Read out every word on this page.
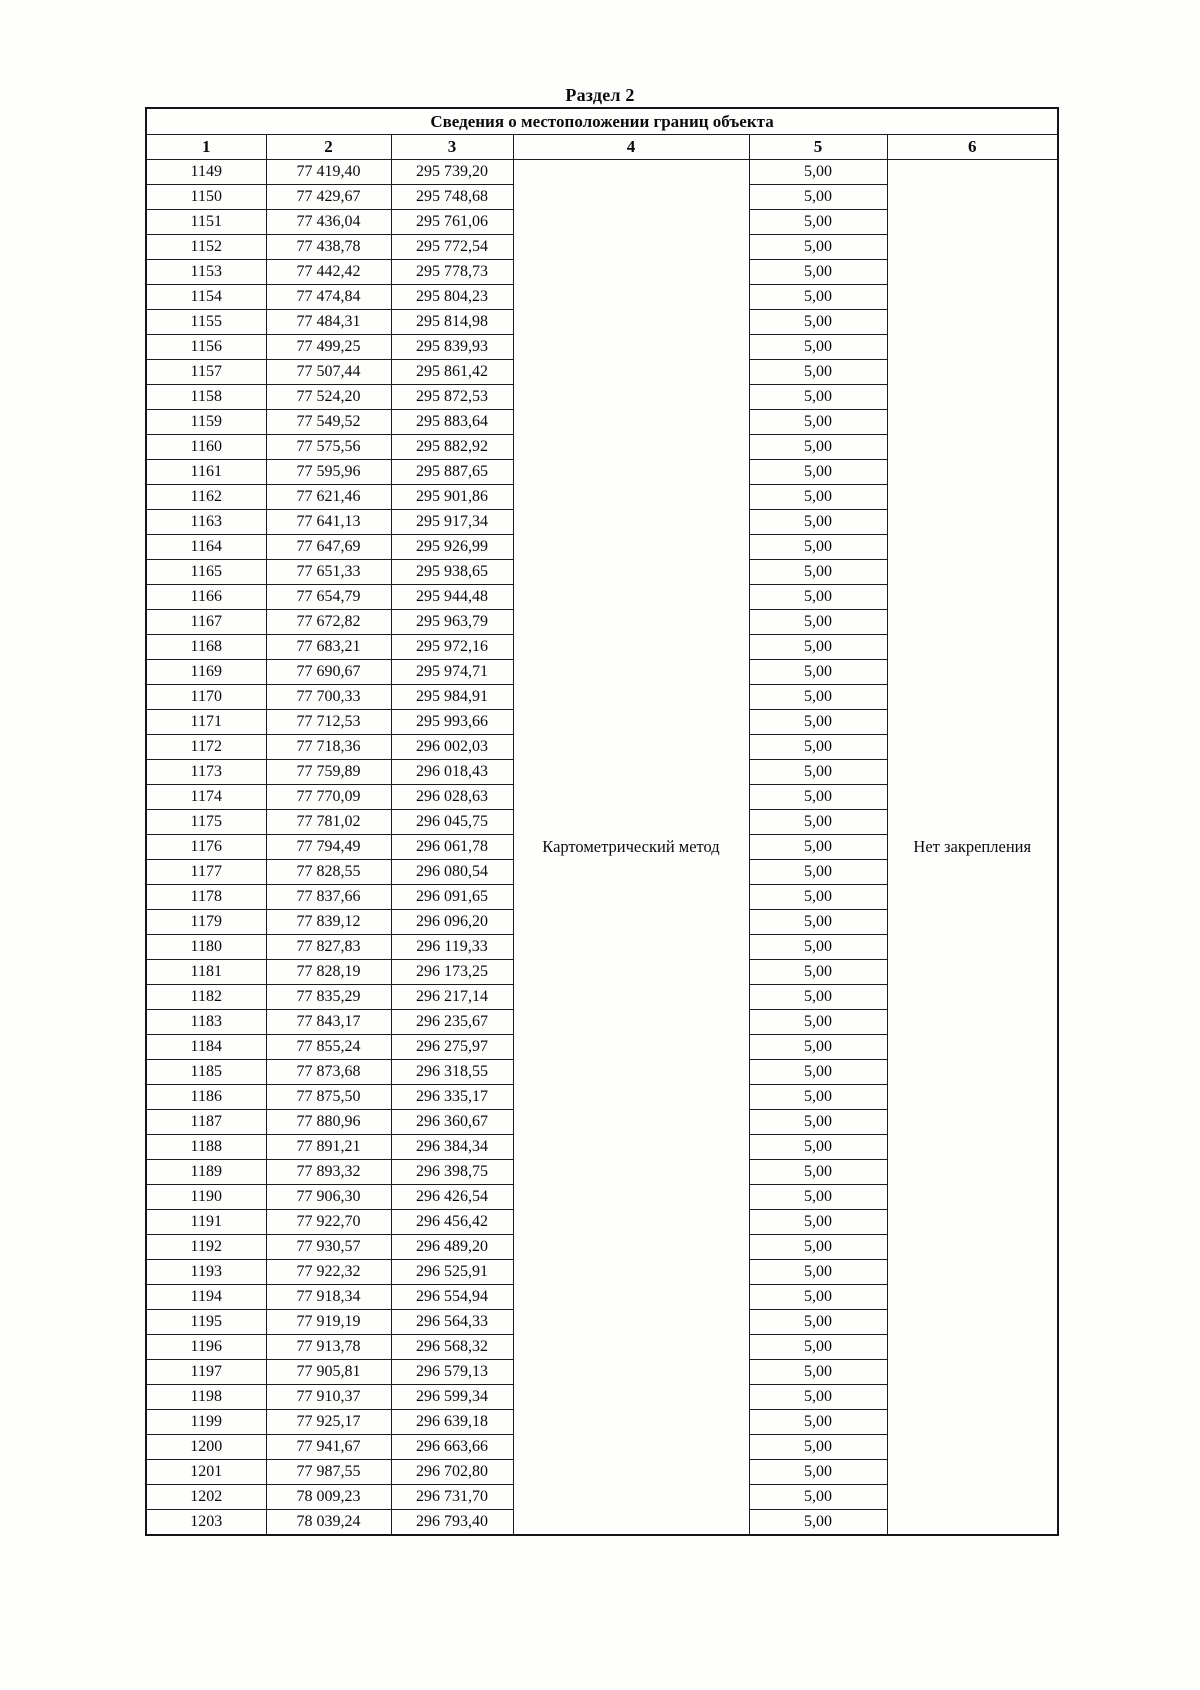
Раздел 2
Сведения о местоположении границ объекта					
1	2	3	4	5	6
1149	77 419,40	295 739,20	Картометрический метод	5,00	Нет закрепления
1150	77 429,67	295 748,68		5,00	
1151	77 436,04	295 761,06		5,00	
1152	77 438,78	295 772,54		5,00	
1153	77 442,42	295 778,73		5,00	
1154	77 474,84	295 804,23		5,00	
1155	77 484,31	295 814,98		5,00	
1156	77 499,25	295 839,93		5,00	
1157	77 507,44	295 861,42		5,00	
1158	77 524,20	295 872,53		5,00	
1159	77 549,52	295 883,64		5,00	
1160	77 575,56	295 882,92		5,00	
1161	77 595,96	295 887,65		5,00	
1162	77 621,46	295 901,86		5,00	
1163	77 641,13	295 917,34		5,00	
1164	77 647,69	295 926,99		5,00	
1165	77 651,33	295 938,65		5,00	
1166	77 654,79	295 944,48		5,00	
1167	77 672,82	295 963,79		5,00	
1168	77 683,21	295 972,16		5,00	
1169	77 690,67	295 974,71		5,00	
1170	77 700,33	295 984,91		5,00	
1171	77 712,53	295 993,66		5,00	
1172	77 718,36	296 002,03		5,00	
1173	77 759,89	296 018,43		5,00	
1174	77 770,09	296 028,63		5,00	
1175	77 781,02	296 045,75		5,00	
1176	77 794,49	296 061,78		5,00	
1177	77 828,55	296 080,54		5,00	
1178	77 837,66	296 091,65		5,00	
1179	77 839,12	296 096,20		5,00	
1180	77 827,83	296 119,33		5,00	
1181	77 828,19	296 173,25		5,00	
1182	77 835,29	296 217,14		5,00	
1183	77 843,17	296 235,67		5,00	
1184	77 855,24	296 275,97		5,00	
1185	77 873,68	296 318,55		5,00	
1186	77 875,50	296 335,17		5,00	
1187	77 880,96	296 360,67		5,00	
1188	77 891,21	296 384,34		5,00	
1189	77 893,32	296 398,75		5,00	
1190	77 906,30	296 426,54		5,00	
1191	77 922,70	296 456,42		5,00	
1192	77 930,57	296 489,20		5,00	
1193	77 922,32	296 525,91		5,00	
1194	77 918,34	296 554,94		5,00	
1195	77 919,19	296 564,33		5,00	
1196	77 913,78	296 568,32		5,00	
1197	77 905,81	296 579,13		5,00	
1198	77 910,37	296 599,34		5,00	
1199	77 925,17	296 639,18		5,00	
1200	77 941,67	296 663,66		5,00	
1201	77 987,55	296 702,80		5,00	
1202	78 009,23	296 731,70		5,00	
1203	78 039,24	296 793,40		5,00	
